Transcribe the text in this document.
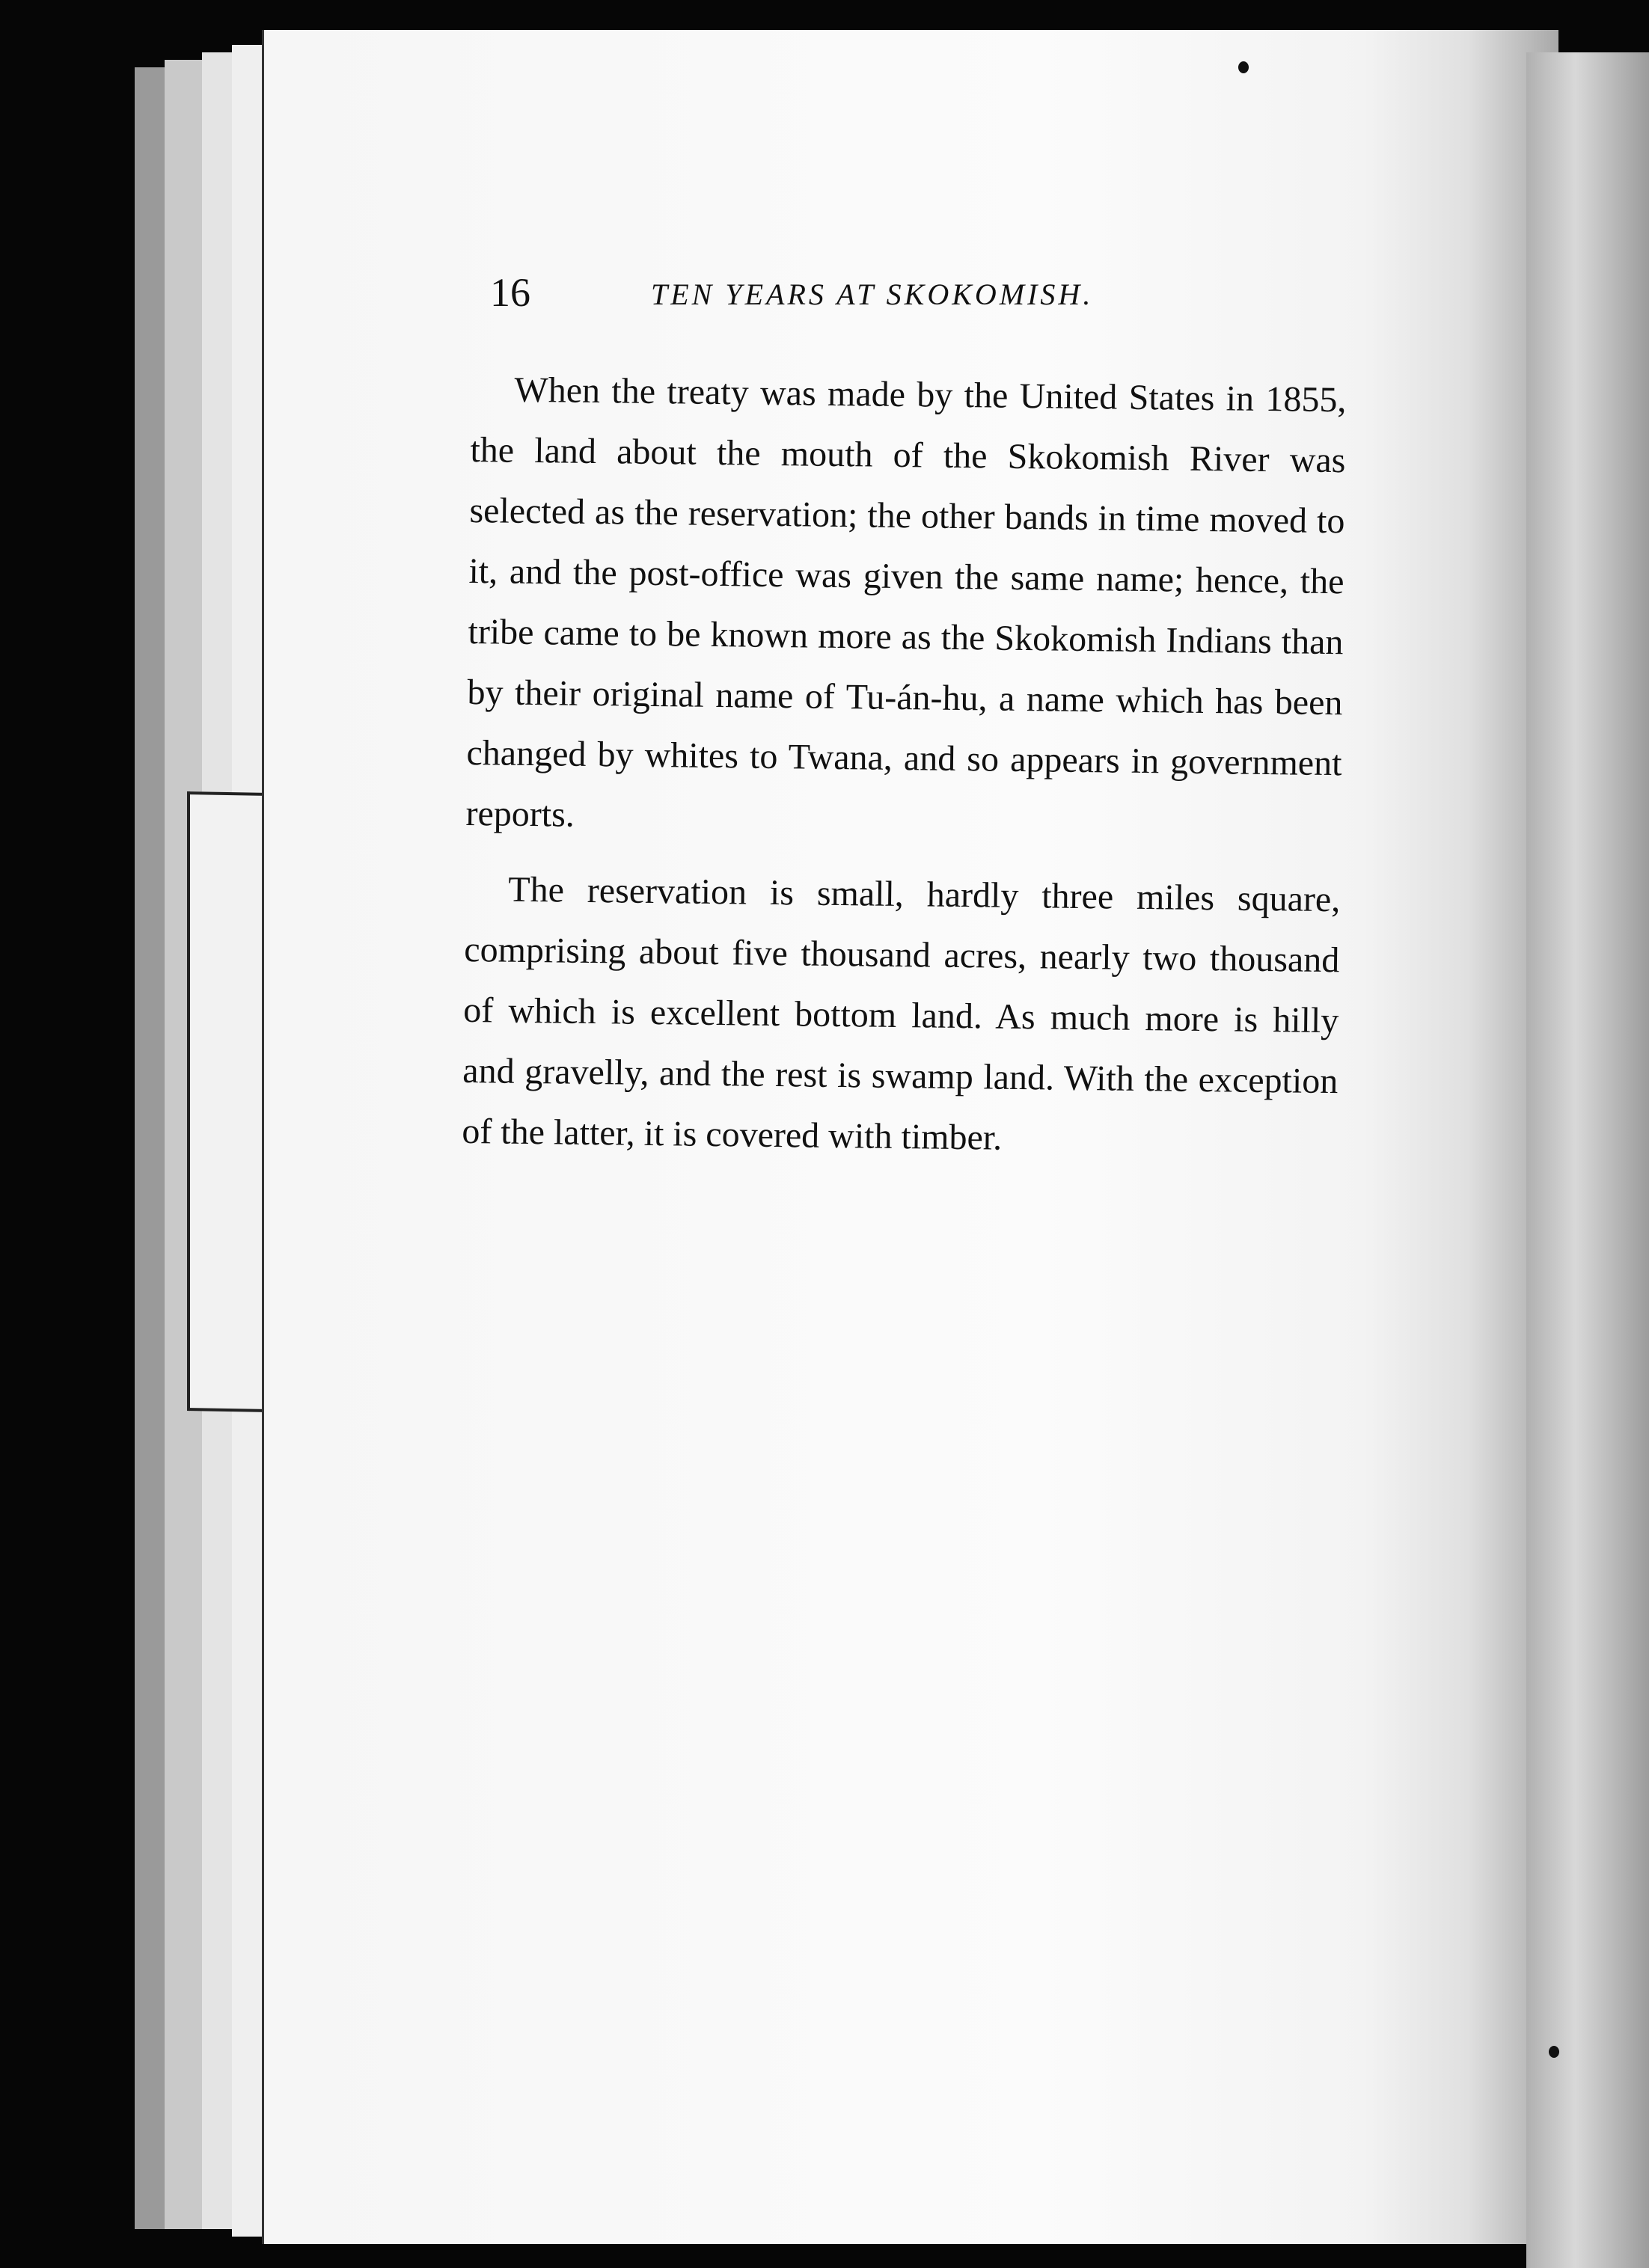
16	TEN YEARS AT SKOKOMISH.

When the treaty was made by the United States in 1855, the land about the mouth of the Skokomish River was selected as the reservation; the other bands in time moved to it, and the post-office was given the same name; hence, the tribe came to be known more as the Skokomish Indians than by their original name of Tu-án-hu, a name which has been changed by whites to Twana, and so appears in government reports.

The reservation is small, hardly three miles square, comprising about five thousand acres, nearly two thousand of which is excellent bottom land. As much more is hilly and gravelly, and the rest is swamp land. With the exception of the latter, it is covered with timber.
